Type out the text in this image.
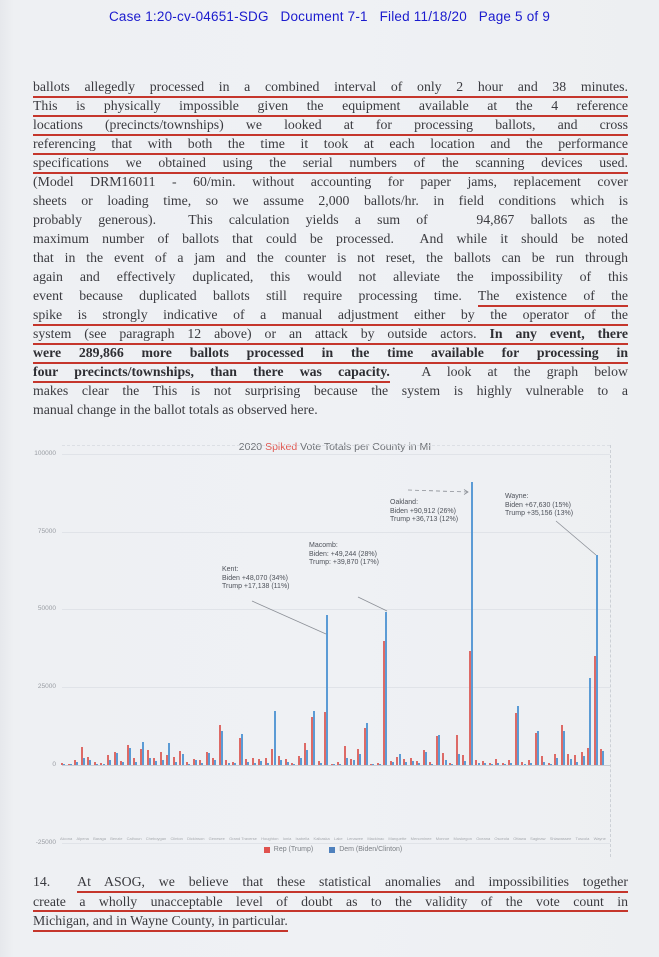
Case 1:20-cv-04651-SDG   Document 7-1   Filed 11/18/20   Page 5 of 9
ballots allegedly processed in a combined interval of only 2 hour and 38 minutes.
This is physically impossible given the equipment available at the 4 reference
locations (precincts/townships) we looked at for processing ballots, and cross
referencing that with both the time it took at each location and the performance
specifications we obtained using the serial numbers of the scanning devices used.
(Model DRM16011 - 60/min. without accounting for paper jams, replacement cover
sheets or loading time, so we assume 2,000 ballots/hr. in field conditions which is
probably generous).  This calculation yields a sum of   94,867 ballots as the
maximum number of ballots that could be processed.  And while it should be noted
that in the event of a jam and the counter is not reset, the ballots can be run through
again and effectively duplicated, this would not alleviate the impossibility of this
event because duplicated ballots still require processing time. The existence of the
spike is strongly indicative of a manual adjustment either by the operator of the
system (see paragraph 12 above) or an attack by outside actors. In any event, there
were 289,866 more ballots processed in the time available for processing in
four precincts/townships, than there was capacity.  A look at the graph below
makes clear the This is not surprising because the system is highly vulnerable to a
manual change in the ballot totals as observed here.
2020 Spiked Vote Totals per County in MI
100000
75000
50000
25000
0
-25000
Kent:
Biden +48,070 (34%)
Trump +17,138 (11%)
Macomb:
Biden: +49,244 (28%)
Trump: +39,870 (17%)
Oakland:
Biden +90,912 (26%)
Trump +36,713 (12%)
Wayne:
Biden +67,630 (15%)
Trump +35,156 (13%)
Alcona Alpena Baraga Benzie Calhoun Cheboygan Clinton Dickinson Genesee Grand Traverse Houghton Ionia Isabella Kalkaska Lake Lenawee Mackinac Marquette Menominee Monroe Muskegon Oceana Osceola Ottawa Saginaw Shiawassee Tuscola Wayne
Rep (Trump)	Dem (Biden/Clinton)
14.  At ASOG, we believe that these statistical anomalies and impossibilities together
create a wholly unacceptable level of doubt as to the validity of the vote count in
Michigan, and in Wayne County, in particular.
